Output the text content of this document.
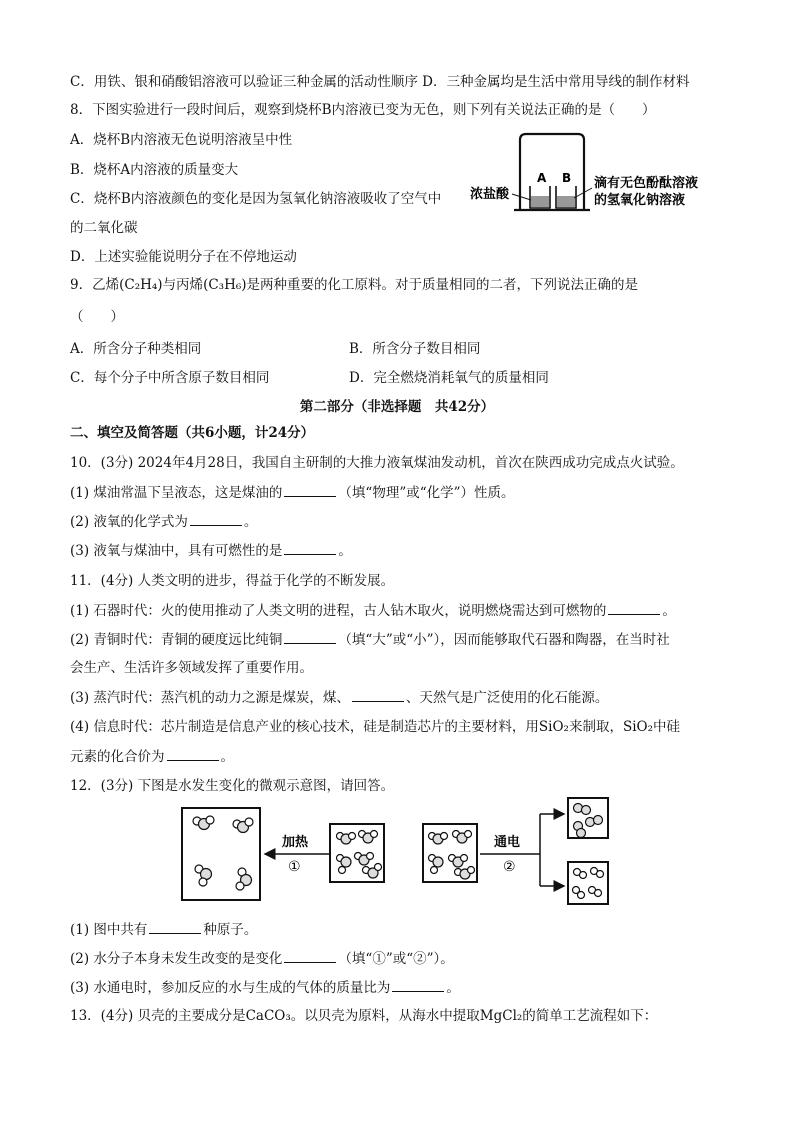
C．用铁、银和硝酸铝溶液可以验证三种金属的活动性顺序 D．三种金属均是生活中常用导线的制作材料
8．下图实验进行一段时间后，观察到烧杯B内溶液已变为无色，则下列有关说法正确的是（　　）
A．烧杯B内溶液无色说明溶液呈中性
B．烧杯A内溶液的质量变大
C．烧杯B内溶液颜色的变化是因为氢氧化钠溶液吸收了空气中
的二氧化碳
D．上述实验能说明分子在不停地运动
A B
浓盐酸
滴有无色酚酞溶液
的氢氧化钠溶液
9．乙烯(C₂H₄)与丙烯(C₃H₆)是两种重要的化工原料。对于质量相同的二者，下列说法正确的是
（　　）
A．所含分子种类相同	B．所含分子数目相同
C．每个分子中所含原子数目相同	D．完全燃烧消耗氧气的质量相同
第二部分（非选择题　共42分）
二、填空及简答题（共6小题，计24分）
10．(3分) 2024年4月28日，我国自主研制的大推力液氧煤油发动机，首次在陕西成功完成点火试验。
(1) 煤油常温下呈液态，这是煤油的	（填“物理”或“化学”）性质。
(2) 液氧的化学式为	。
(3) 液氧与煤油中，具有可燃性的是	。
11．(4分) 人类文明的进步，得益于化学的不断发展。
(1) 石器时代：火的使用推动了人类文明的进程，古人钻木取火，说明燃烧需达到可燃物的	。
(2) 青铜时代：青铜的硬度远比纯铜	（填“大”或“小”），因而能够取代石器和陶器，在当时社
会生产、生活许多领域发挥了重要作用。
(3) 蒸汽时代：蒸汽机的动力之源是煤炭，煤、	、天然气是广泛使用的化石能源。
(4) 信息时代：芯片制造是信息产业的核心技术，硅是制造芯片的主要材料，用SiO₂来制取，SiO₂中硅
元素的化合价为	。
12．(3分) 下图是水发生变化的微观示意图，请回答。
加热
①
通电
②
(1) 图中共有	种原子。
(2) 水分子本身未发生改变的是变化	（填“①”或“②”）。
(3) 水通电时，参加反应的水与生成的气体的质量比为	。
13．(4分) 贝壳的主要成分是CaCO₃。以贝壳为原料，从海水中提取MgCl₂的简单工艺流程如下：
